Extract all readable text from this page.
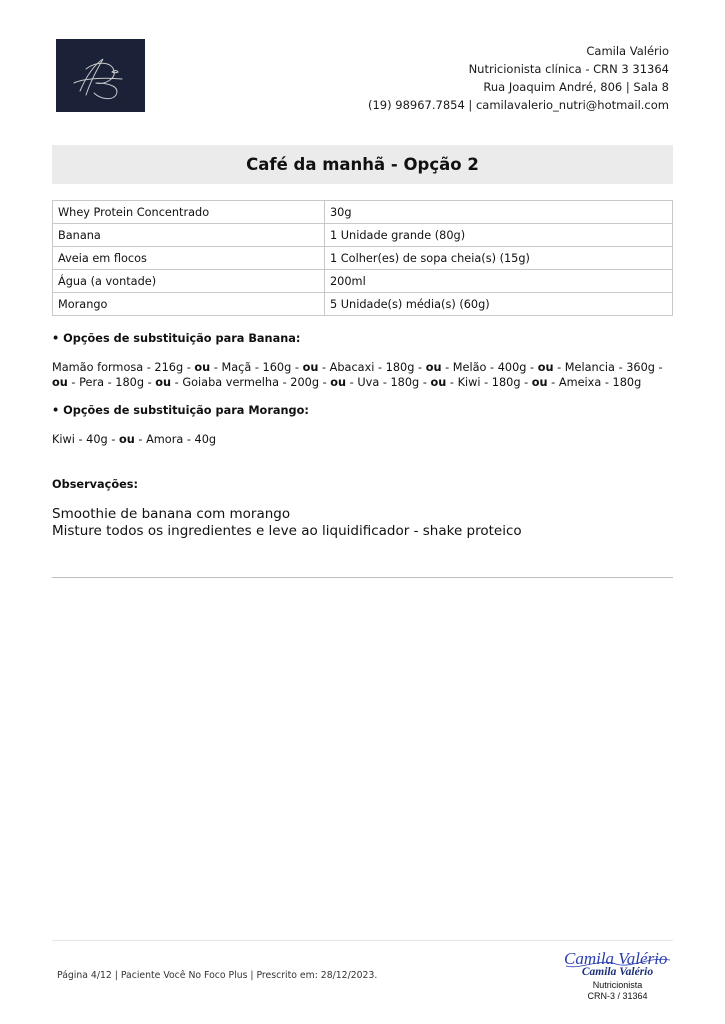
Camila Valério
Nutricionista clínica - CRN 3 31364
Rua Joaquim André, 806 | Sala 8
(19) 98967.7854 | camilavalerio_nutri@hotmail.com
Café da manhã - Opção 2
Whey Protein Concentrado	30g
Banana	1 Unidade grande (80g)
Aveia em flocos	1 Colher(es) de sopa cheia(s) (15g)
Água (a vontade)	200ml
Morango	5 Unidade(s) média(s) (60g)
• Opções de substituição para Banana:
Mamão formosa - 216g - ou - Maçã - 160g - ou - Abacaxi - 180g - ou - Melão - 400g - ou - Melancia - 360g - ou - Pera - 180g - ou - Goiaba vermelha - 200g - ou - Uva - 180g - ou - Kiwi - 180g - ou - Ameixa - 180g
• Opções de substituição para Morango:
Kiwi - 40g - ou - Amora - 40g
Observações:
Smoothie de banana com morango
Misture todos os ingredientes e leve ao liquidificador - shake proteico
Página 4/12 | Paciente Você No Foco Plus | Prescrito em: 28/12/2023.
Camila Valério
Camila Valério
Nutricionista
CRN-3 / 31364
